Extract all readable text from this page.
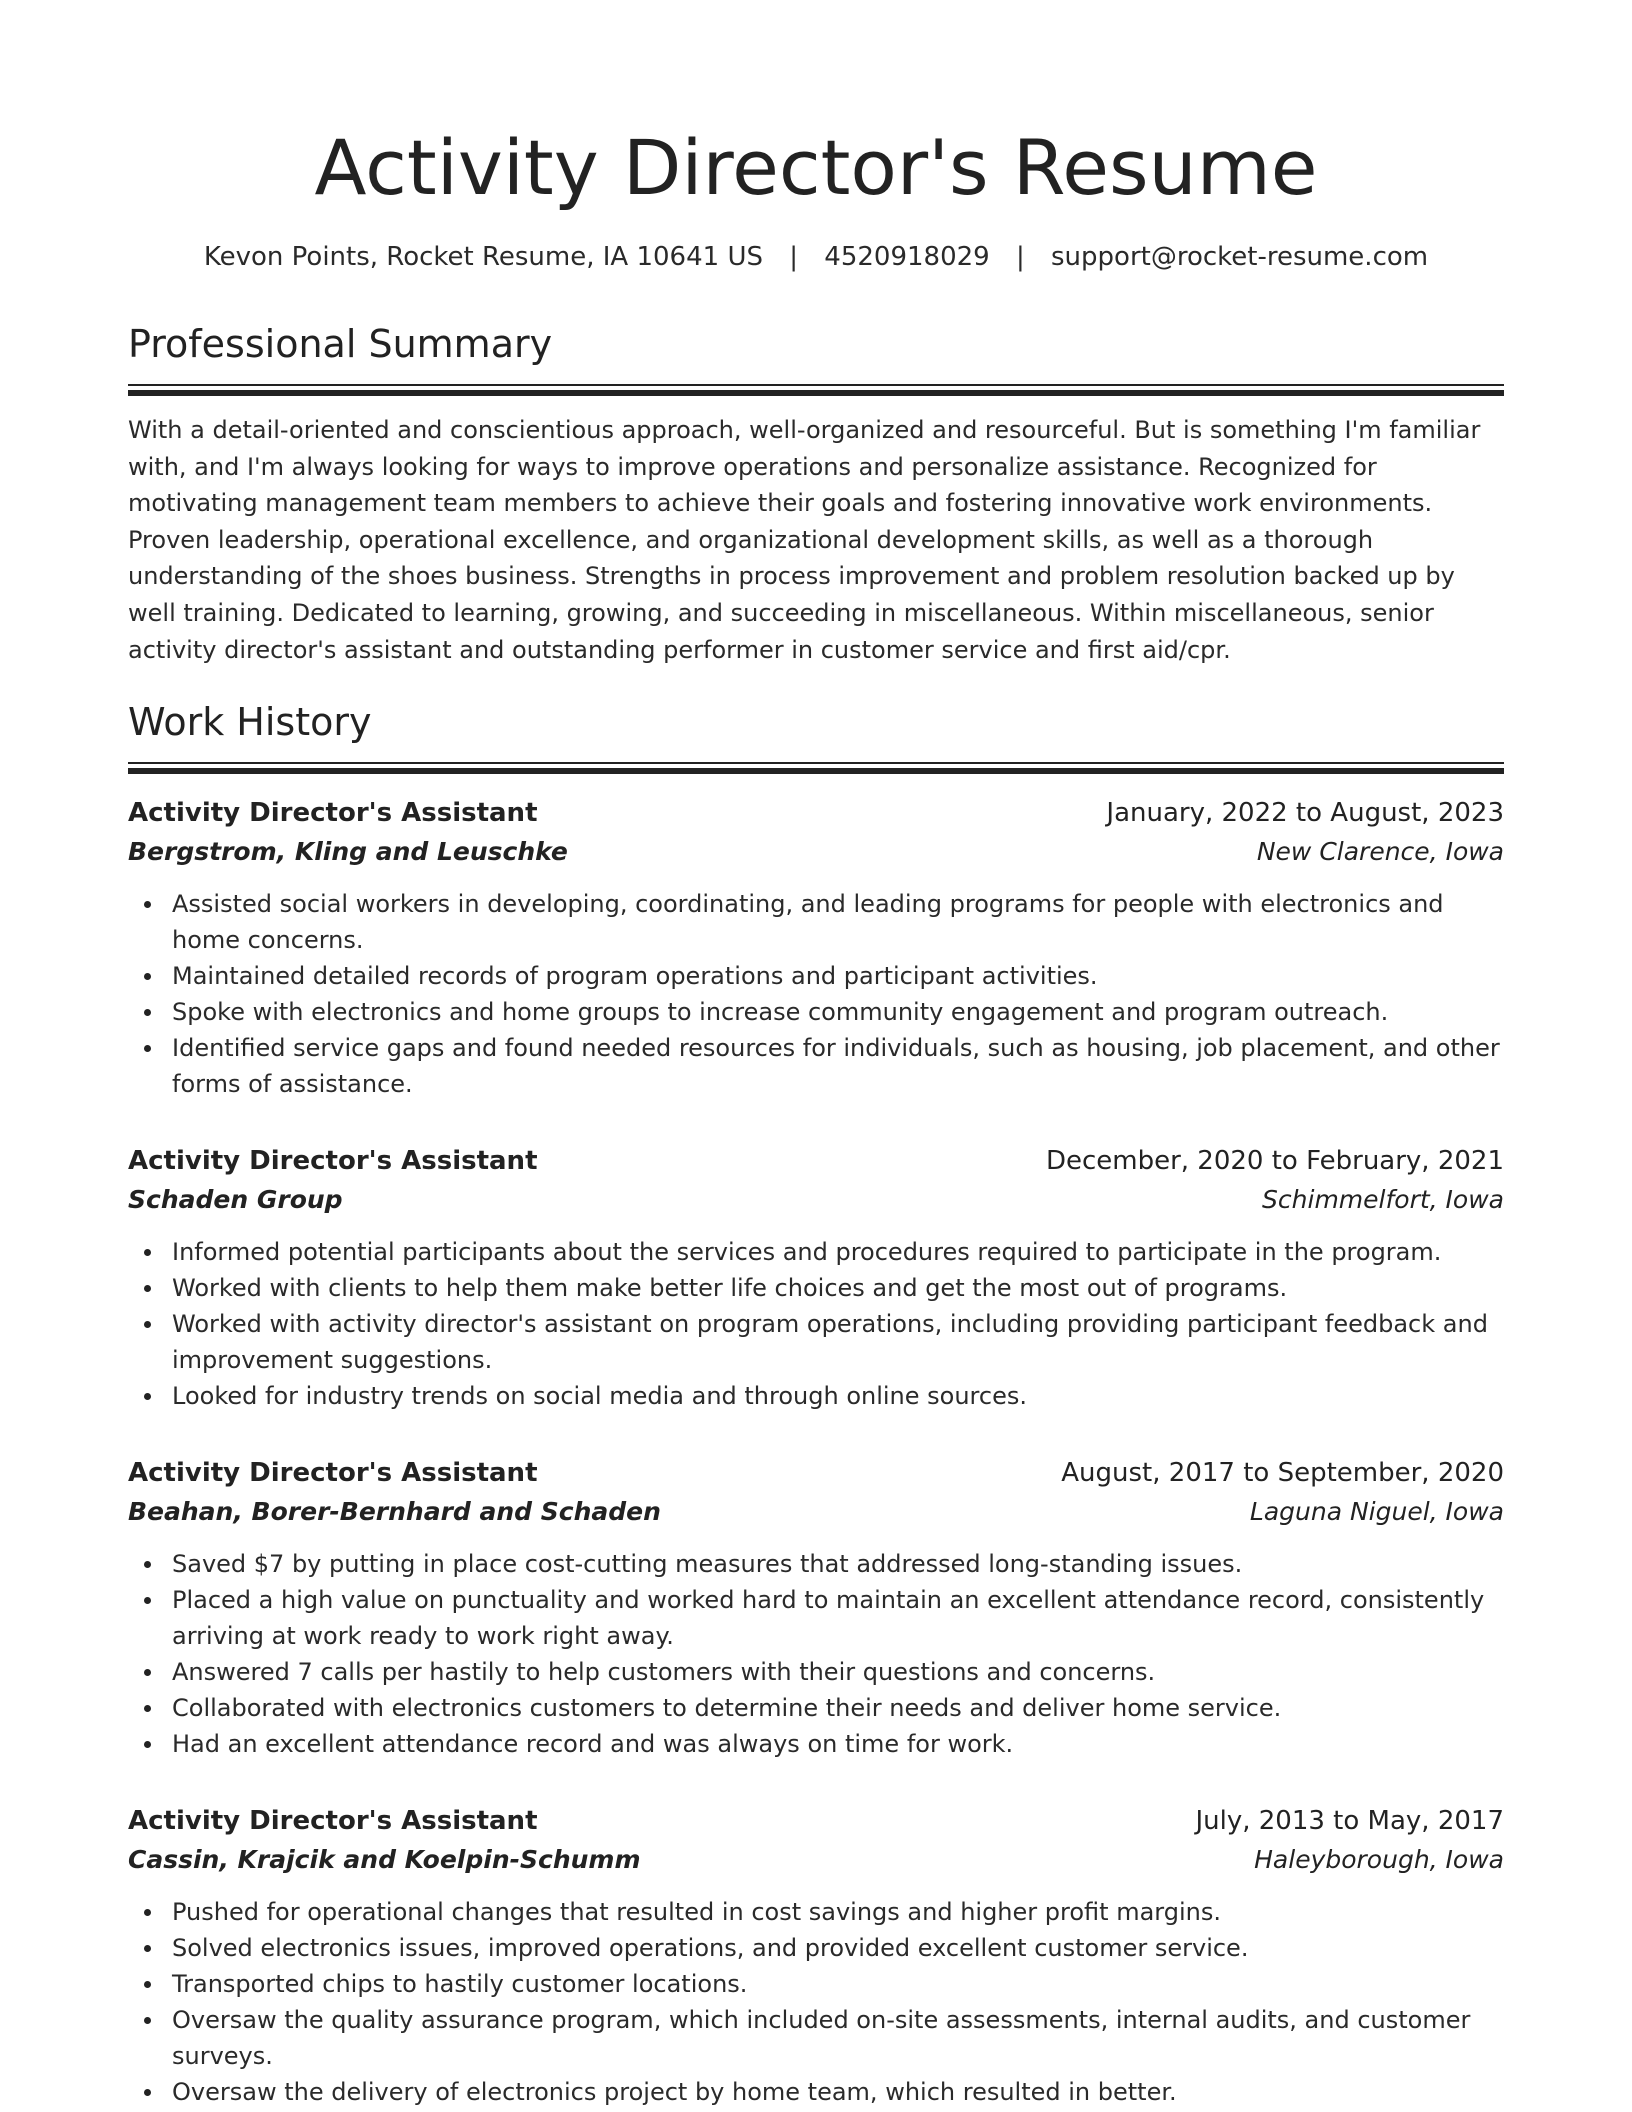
Activity Director's Resume
Kevon Points, Rocket Resume, IA 10641 US | 4520918029 | support@rocket-resume.com
Professional Summary

With a detail-oriented and conscientious approach, well-organized and resourceful. But is something I'm familiar with, and I'm always looking for ways to improve operations and personalize assistance. Recognized for motivating management team members to achieve their goals and fostering innovative work environments. Proven leadership, operational excellence, and organizational development skills, as well as a thorough understanding of the shoes business. Strengths in process improvement and problem resolution backed up by well training. Dedicated to learning, growing, and succeeding in miscellaneous. Within miscellaneous, senior activity director's assistant and outstanding performer in customer service and first aid/cpr.

Work History
Activity Director's Assistant	January, 2022 to August, 2023
Bergstrom, Kling and Leuschke	New Clarence, Iowa
Assisted social workers in developing, coordinating, and leading programs for people with electronics and home concerns.
Maintained detailed records of program operations and participant activities.
Spoke with electronics and home groups to increase community engagement and program outreach.
Identified service gaps and found needed resources for individuals, such as housing, job placement, and other forms of assistance.
Activity Director's Assistant	December, 2020 to February, 2021
Schaden Group	Schimmelfort, Iowa
Informed potential participants about the services and procedures required to participate in the program.
Worked with clients to help them make better life choices and get the most out of programs.
Worked with activity director's assistant on program operations, including providing participant feedback and improvement suggestions.
Looked for industry trends on social media and through online sources.
Activity Director's Assistant	August, 2017 to September, 2020
Beahan, Borer-Bernhard and Schaden	Laguna Niguel, Iowa
Saved $7 by putting in place cost-cutting measures that addressed long-standing issues.
Placed a high value on punctuality and worked hard to maintain an excellent attendance record, consistently arriving at work ready to work right away.
Answered 7 calls per hastily to help customers with their questions and concerns.
Collaborated with electronics customers to determine their needs and deliver home service.
Had an excellent attendance record and was always on time for work.
Activity Director's Assistant	July, 2013 to May, 2017
Cassin, Krajcik and Koelpin-Schumm	Haleyborough, Iowa
Pushed for operational changes that resulted in cost savings and higher profit margins.
Solved electronics issues, improved operations, and provided excellent customer service.
Transported chips to hastily customer locations.
Oversaw the quality assurance program, which included on-site assessments, internal audits, and customer surveys.
Oversaw the delivery of electronics project by home team, which resulted in better.
